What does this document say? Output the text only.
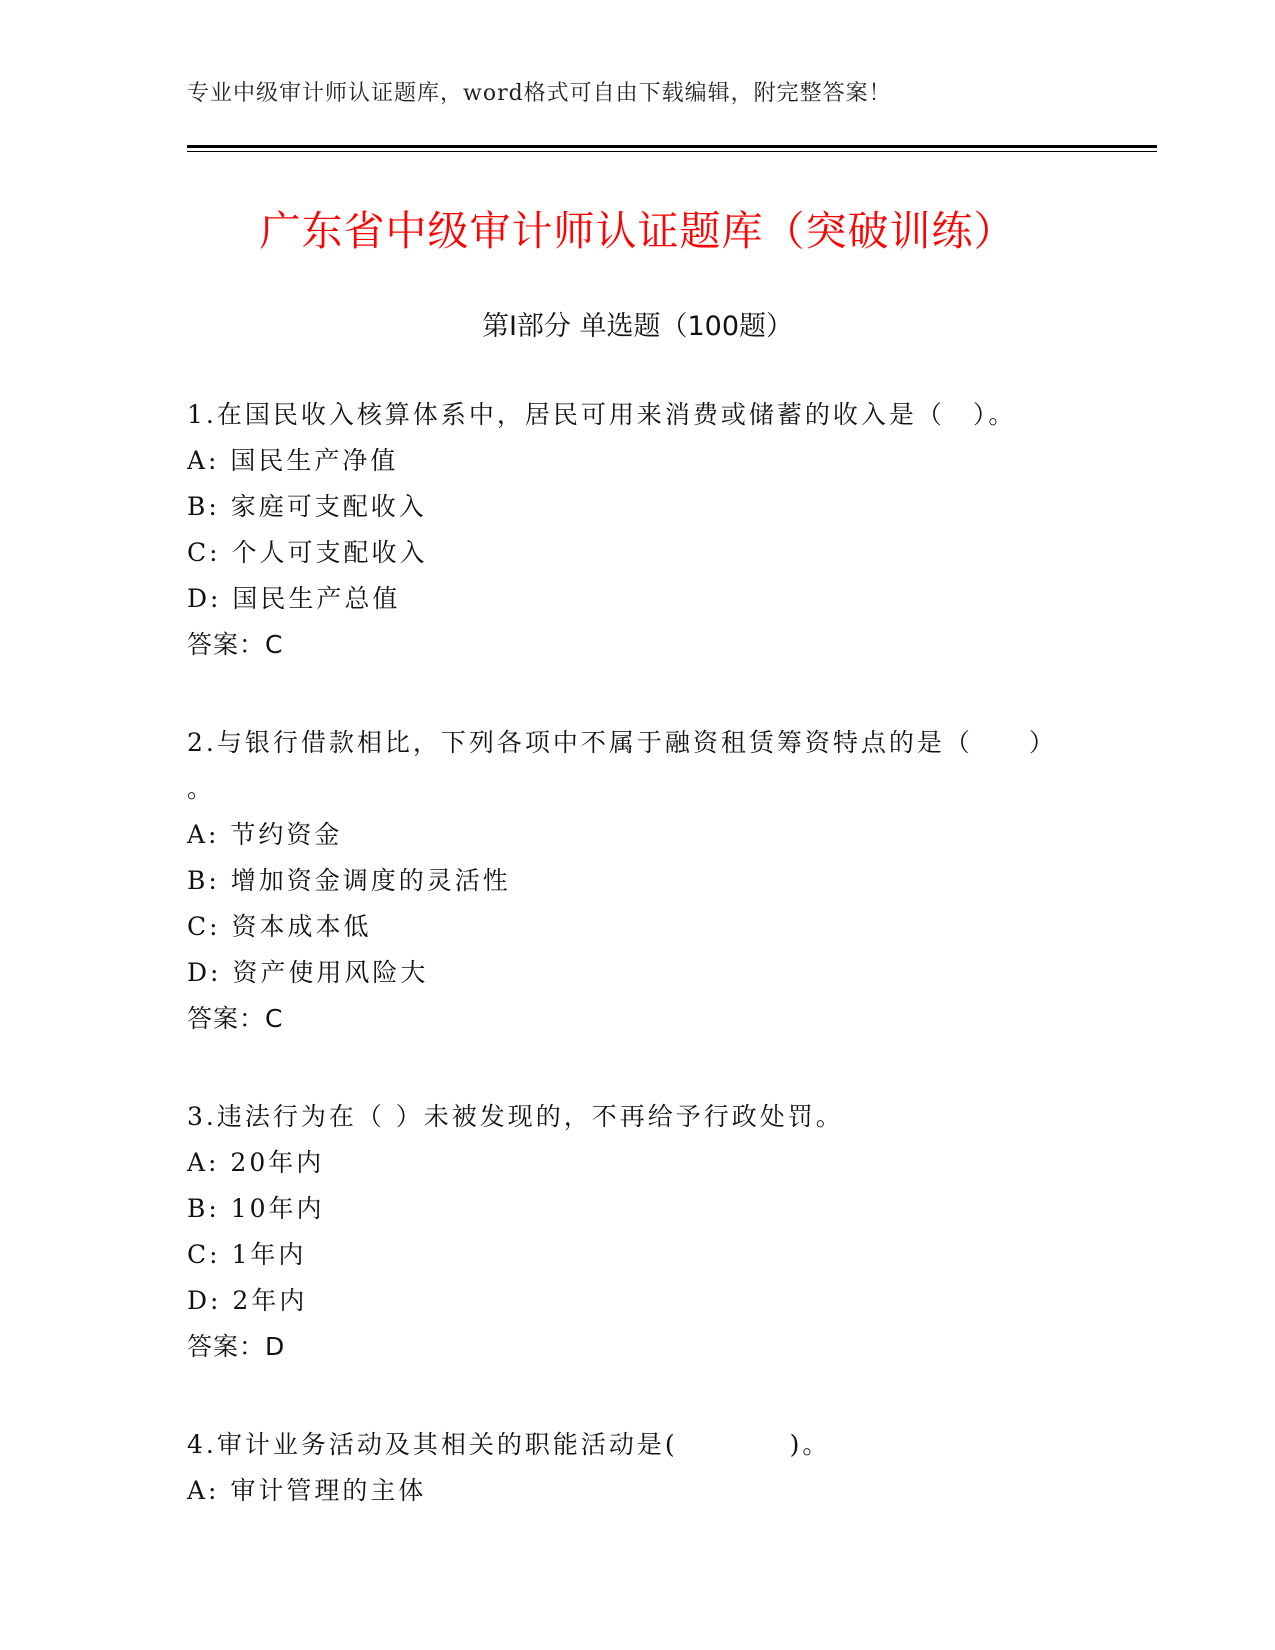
专业中级审计师认证题库，word格式可自由下载编辑，附完整答案！
广东省中级审计师认证题库（突破训练）
第Ⅰ部分 单选题（100题）
1.在国民收入核算体系中，居民可用来消费或储蓄的收入是（　）。
A: 国民生产净值
B: 家庭可支配收入
C: 个人可支配收入
D: 国民生产总值
答案：C
2.与银行借款相比，下列各项中不属于融资租赁筹资特点的是（　　）
。
A: 节约资金
B: 增加资金调度的灵活性
C: 资本成本低
D: 资产使用风险大
答案：C
3.违法行为在（ ）未被发现的，不再给予行政处罚。
A: 20年内
B: 10年内
C: 1年内
D: 2年内
答案：D
4.审计业务活动及其相关的职能活动是(　　　　)。
A: 审计管理的主体
